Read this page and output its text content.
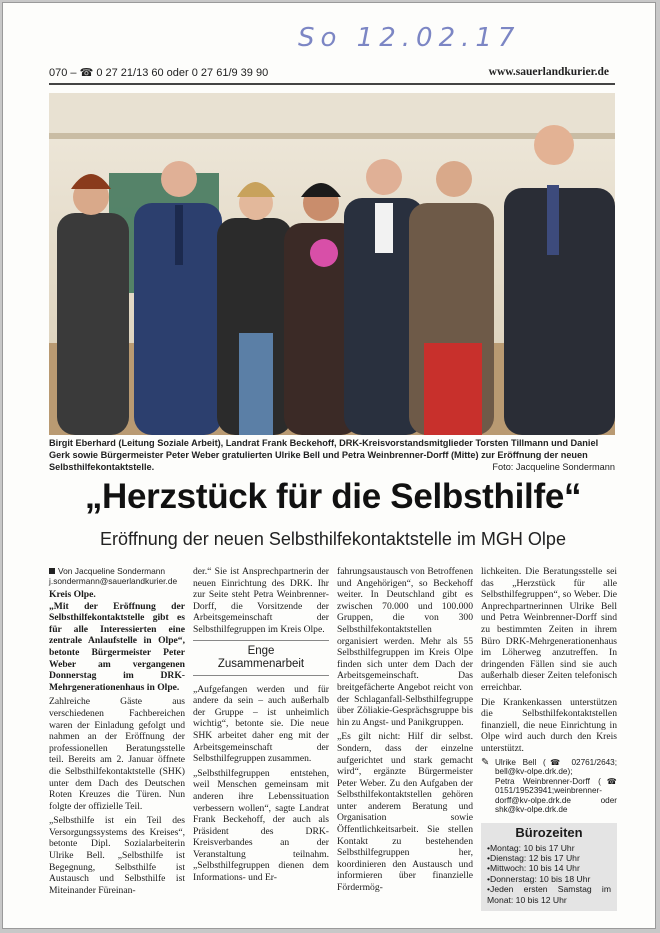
So 12.02.17
070 – ☎ 0 27 21/13 60 oder 0 27 61/9 39 90	www.sauerlandkurier.de
Birgit Eberhard (Leitung Soziale Arbeit), Landrat Frank Beckehoff, DRK-Kreisvorstandsmitglieder Torsten Tillmann und Daniel Gerk sowie Bürgermeister Peter Weber gratulierten Ulrike Bell und Petra Weinbrenner-Dorff (Mitte) zur Eröffnung der neuen Selbsthilfekontaktstelle.	Foto: Jacqueline Sondermann
„Herzstück für die Selbsthilfe“
Eröffnung der neuen Selbsthilfekontaktstelle im MGH Olpe
Von Jacqueline Sondermann
j.sondermann@sauerlandkurier.de

Kreis Olpe.
„Mit der Eröffnung der Selbsthilfekontaktstelle gibt es für alle Interessierten eine zentrale Anlaufstelle in Olpe“, betonte Bürgermeister Peter Weber am vergangenen Donnerstag im DRK-Mehrgenerationenhaus in Olpe.

Zahlreiche Gäste aus verschiedenen Fachbereichen waren der Einladung gefolgt und nahmen an der Eröffnung der professionellen Beratungsstelle teil. Bereits am 2. Januar öffnete die Selbsthilfekontaktstelle (SHK) unter dem Dach des Deutschen Roten Kreuzes die Türen. Nun folgte der offizielle Teil.

„Selbsthilfe ist ein Teil des Versorgungssystems des Kreises“, betonte Dipl. Sozialarbeiterin Ulrike Bell. „Selbsthilfe ist Begegnung, Selbsthilfe ist Austausch und Selbsthilfe ist Miteinander Füreinan-

der.“ Sie ist Ansprechpartnerin der neuen Einrichtung des DRK. Ihr zur Seite steht Petra Weinbrenner-Dorff, die Vorsitzende der Arbeitsgemeinschaft der Selbsthilfegruppen im Kreis Olpe.

Enge
Zusammenarbeit

„Aufgefangen werden und für andere da sein – auch außerhalb der Gruppe – ist unheimlich wichtig“, betonte sie. Die neue SHK arbeitet daher eng mit der Arbeitsgemeinschaft der Selbsthilfegruppen zusammen.

„Selbsthilfegruppen entstehen, weil Menschen gemeinsam mit anderen ihre Lebenssituation verbessern wollen“, sagte Landrat Frank Beckehoff, der auch als Präsident des DRK-Kreisverbandes an der Veranstaltung teilnahm. „Selbsthilfegruppen dienen dem Informations- und Er-

fahrungsaustausch von Betroffenen und Angehörigen“, so Beckehoff weiter. In Deutschland gibt es zwischen 70.000 und 100.000 Gruppen, die von 300 Selbsthilfekontaktstellen organisiert werden. Mehr als 55 Selbsthilfegruppen im Kreis Olpe finden sich unter dem Dach der Arbeitsgemeinschaft. Das breitgefächerte Angebot reicht von der Schlaganfall-Selbsthilfegruppe über Zöliakie-Gesprächsgruppe bis hin zu Angst- und Panikgruppen.

„Es gilt nicht: Hilf dir selbst. Sondern, dass der einzelne aufgerichtet und stark gemacht wird“, ergänzte Bürgermeister Peter Weber. Zu den Aufgaben der Selbsthilfekontaktstellen gehören unter anderem Beratung und Organisation sowie Öffentlichkeitsarbeit. Sie stellen Kontakt zu bestehenden Selbsthilfegruppen her, koordinieren den Austausch und informieren über finanzielle Fördermög-

lichkeiten. Die Beratungsstelle sei das „Herzstück für alle Selbsthilfegruppen“, so Weber. Die Anprechpartnerinnen Ulrike Bell und Petra Weinbrenner-Dorff sind zu bestimmten Zeiten in ihrem Büro DRK-Mehrgenerationenhaus im Löherweg anzutreffen. In dringenden Fällen sind sie auch außerhalb dieser Zeiten telefonisch erreichbar.

Die Krankenkassen unterstützen die Selbsthilfekontaktstellen finanziell, die neue Einrichtung in Olpe wird auch durch den Kreis unterstützt.

✎ Ulrike Bell (☎ 02761/2643; bell@kv-olpe.drk.de);
Petra Weinbrenner-Dorff (☎ 0151/19523941;weinbrenner-dorff@kv-olpe.drk.de oder shk@kv-olpe.drk.de
Bürozeiten
• Montag: 10 bis 17 Uhr
• Dienstag: 12 bis 17 Uhr
• Mittwoch: 10 bis 14 Uhr
• Donnerstag: 10 bis 18 Uhr
• Jeden ersten Samstag im Monat: 10 bis 12 Uhr
